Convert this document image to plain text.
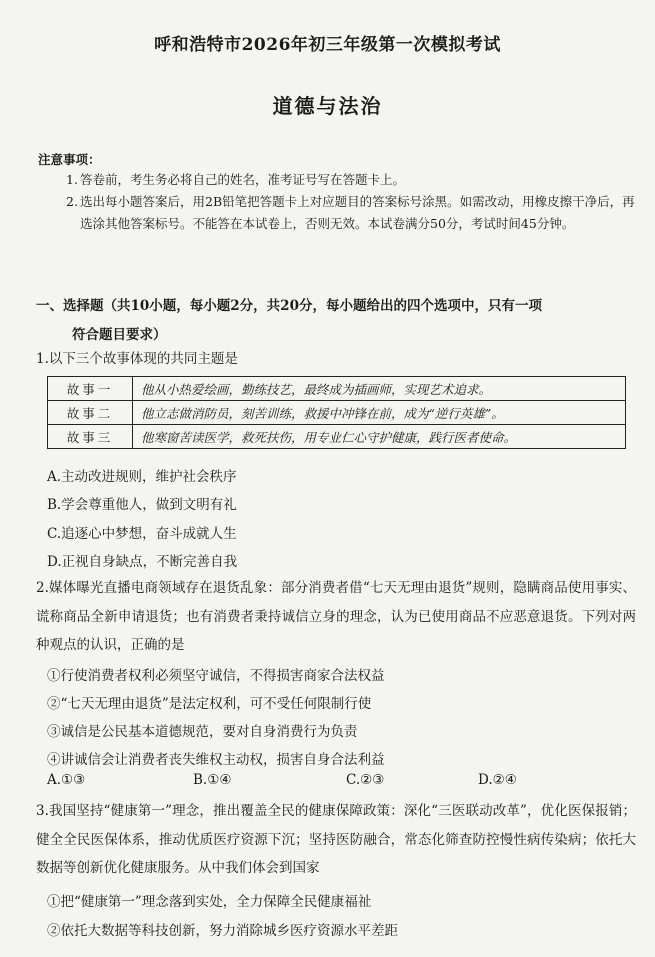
呼和浩特市2026年初三年级第一次模拟考试
道德与法治
注意事项：
1. 答卷前，考生务必将自己的姓名，准考证号写在答题卡上。
2. 选出每小题答案后，用2B铅笔把答题卡上对应题目的答案标号涂黑。如需改动，用橡皮擦干净后，再选涂其他答案标号。不能答在本试卷上，否则无效。本试卷满分50分，考试时间45分钟。
一、选择题（共10小题，每小题2分，共20分，每小题给出的四个选项中，只有一项
符合题目要求）
1.以下三个故事体现的共同主题是
故事一	他从小热爱绘画，勤练技艺，最终成为插画师，实现艺术追求。
故事二	他立志做消防员，刻苦训练，救援中冲锋在前，成为“逆行英雄”。
故事三	他寒窗苦读医学，救死扶伤，用专业仁心守护健康，践行医者使命。
A.主动改进规则，维护社会秩序
B.学会尊重他人，做到文明有礼
C.追逐心中梦想，奋斗成就人生
D.正视自身缺点，不断完善自我
2.媒体曝光直播电商领域存在退货乱象：部分消费者借“七天无理由退货”规则，隐瞒商品使用事实、谎称商品全新申请退货；也有消费者秉持诚信立身的理念，认为已使用商品不应恶意退货。下列对两种观点的认识，正确的是
①行使消费者权利必须坚守诚信，不得损害商家合法权益
②“七天无理由退货”是法定权利，可不受任何限制行使
③诚信是公民基本道德规范，要对自身消费行为负责
④讲诚信会让消费者丧失维权主动权，损害自身合法利益
A.①③	B.①④	C.②③	D.②④
3.我国坚持“健康第一”理念，推出覆盖全民的健康保障政策：深化“三医联动改革”，优化医保报销；健全全民医保体系，推动优质医疗资源下沉；坚持医防融合，常态化筛查防控慢性病传染病；依托大数据等创新优化健康服务。从中我们体会到国家
①把“健康第一”理念落到实处，全力保障全民健康福祉
②依托大数据等科技创新，努力消除城乡医疗资源水平差距
